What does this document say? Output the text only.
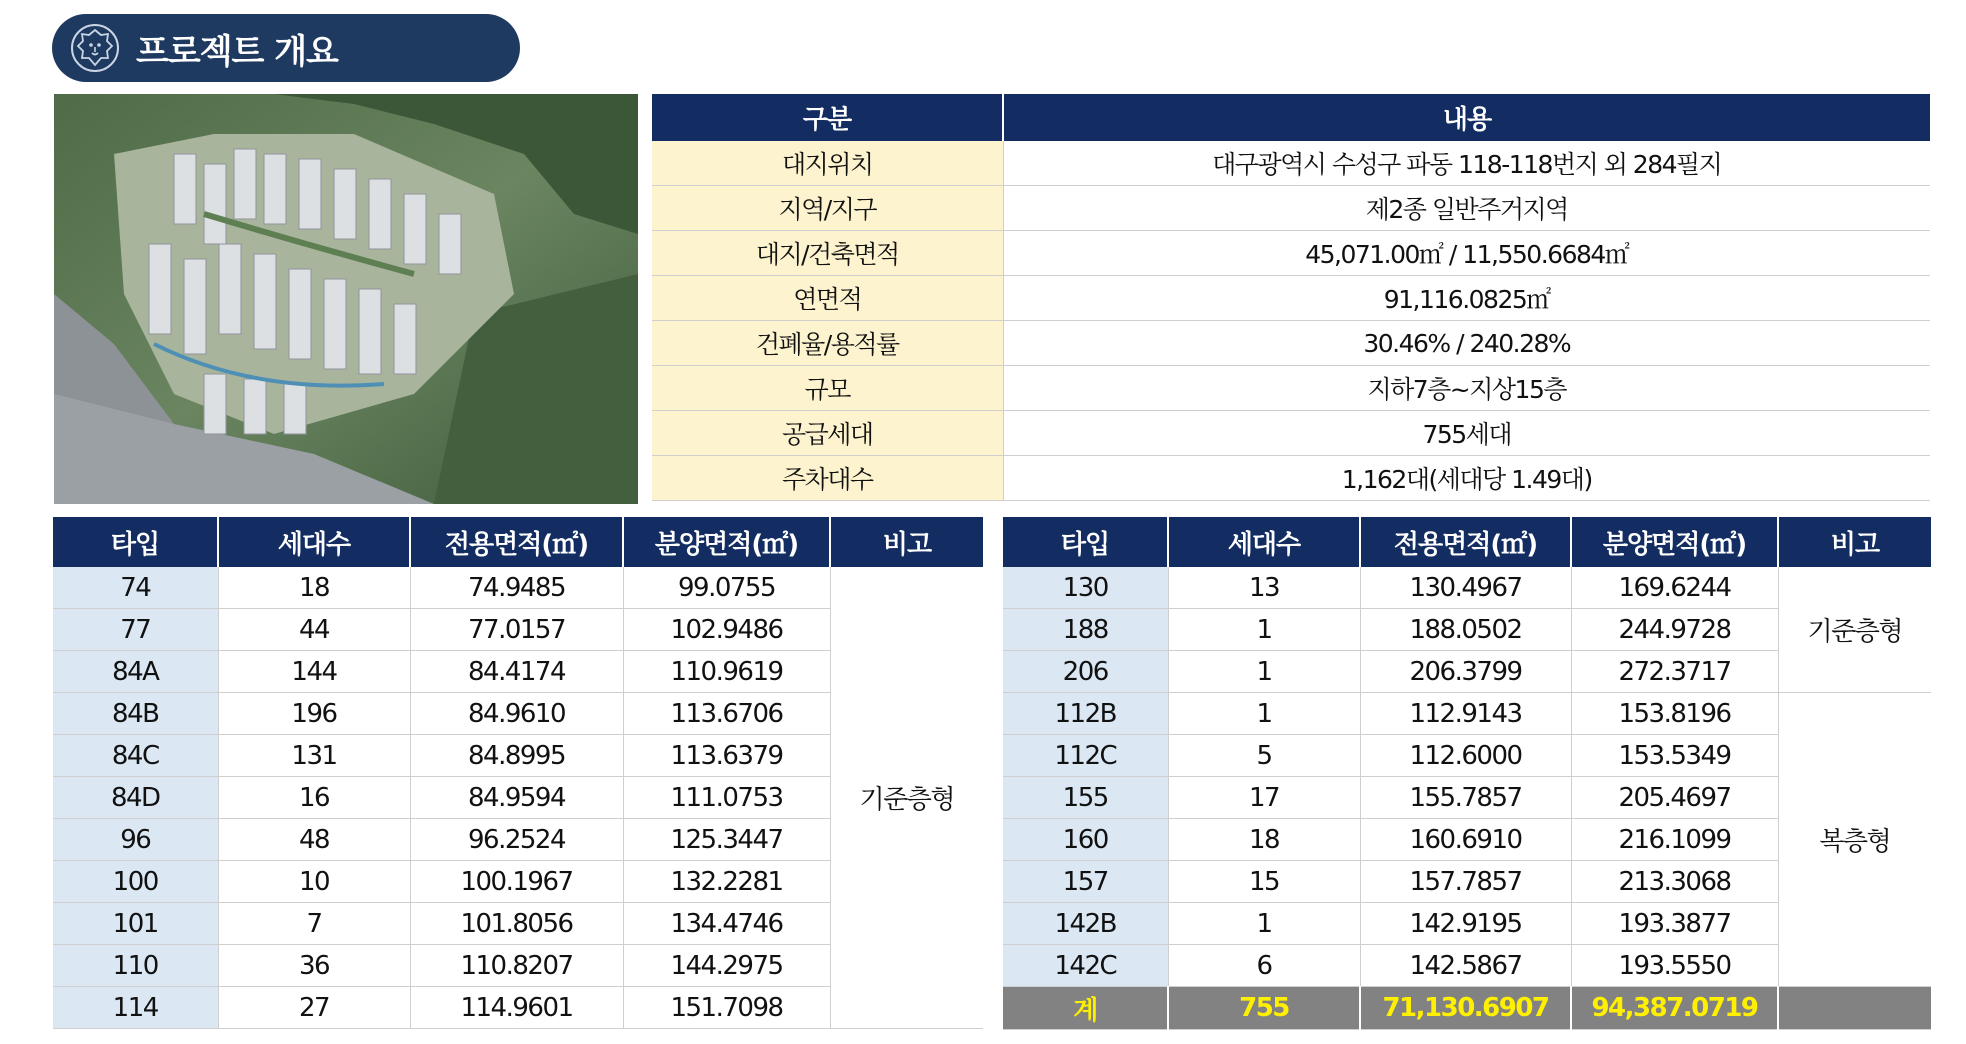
프로젝트 개요
구분	내용
대지위치	대구광역시 수성구 파동 118-118번지 외 284필지
지역/지구	제2종 일반주거지역
대지/건축면적	45,071.00㎡ / 11,550.6684㎡
연면적	91,116.0825㎡
건폐율/용적률	30.46% / 240.28%
규모	지하7층~지상15층
공급세대	755세대
주차대수	1,162대(세대당 1.49대)
타입	세대수	전용면적(㎡)	분양면적(㎡)	비고
74	18	74.9485	99.0755	기준층형
77	44	77.0157	102.9486	
84A	144	84.4174	110.9619	
84B	196	84.9610	113.6706	
84C	131	84.8995	113.6379	
84D	16	84.9594	111.0753	
96	48	96.2524	125.3447	
100	10	100.1967	132.2281	
101	7	101.8056	134.4746	
110	36	110.8207	144.2975	
114	27	114.9601	151.7098	
타입	세대수	전용면적(㎡)	분양면적(㎡)	비고
130	13	130.4967	169.6244	기준층형
188	1	188.0502	244.9728	
206	1	206.3799	272.3717	
112B	1	112.9143	153.8196	복층형
112C	5	112.6000	153.5349	
155	17	155.7857	205.4697	
160	18	160.6910	216.1099	
157	15	157.7857	213.3068	
142B	1	142.9195	193.3877	
142C	6	142.5867	193.5550	
계	755	71,130.6907	94,387.0719	
